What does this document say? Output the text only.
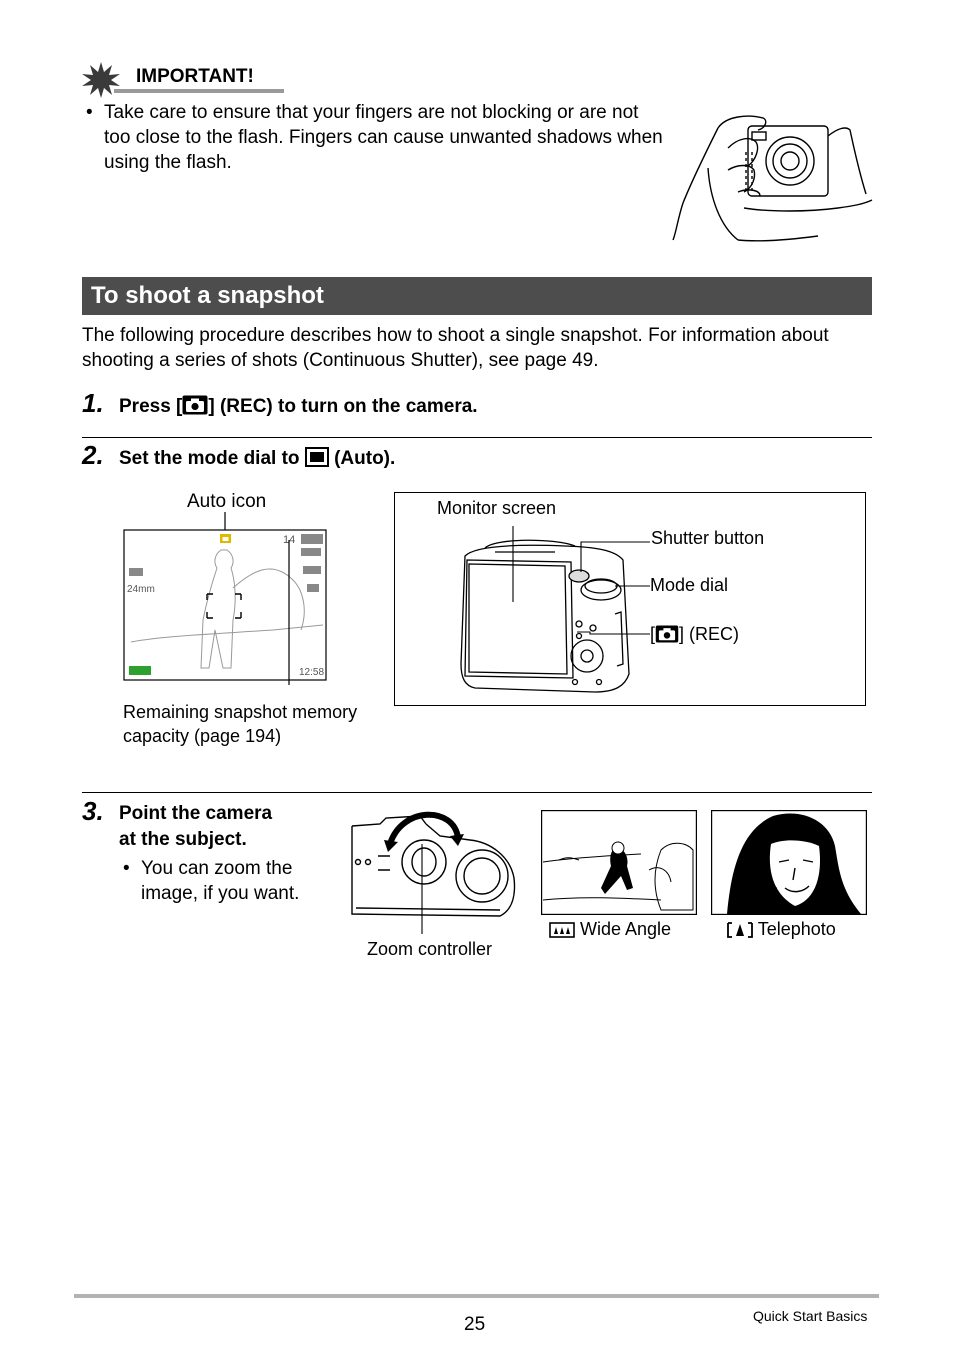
IMPORTANT!
• Take care to ensure that your fingers are not blocking or are not too close to the flash. Fingers can cause unwanted shadows when using the flash.
To shoot a snapshot
The following procedure describes how to shoot a single snapshot. For information about shooting a series of shots (Continuous Shutter), see page 49.
1. Press [ ] (REC) to turn on the camera.
2. Set the mode dial to (Auto).
Auto icon
14
24mm
12:58
Remaining snapshot memory
capacity (page 194)
Monitor screen
Shutter button
Mode dial
[ ] (REC)
3. Point the camera
at the subject.
• You can zoom the
image, if you want.
Zoom controller
Wide Angle	Telephoto
25	Quick Start Basics
